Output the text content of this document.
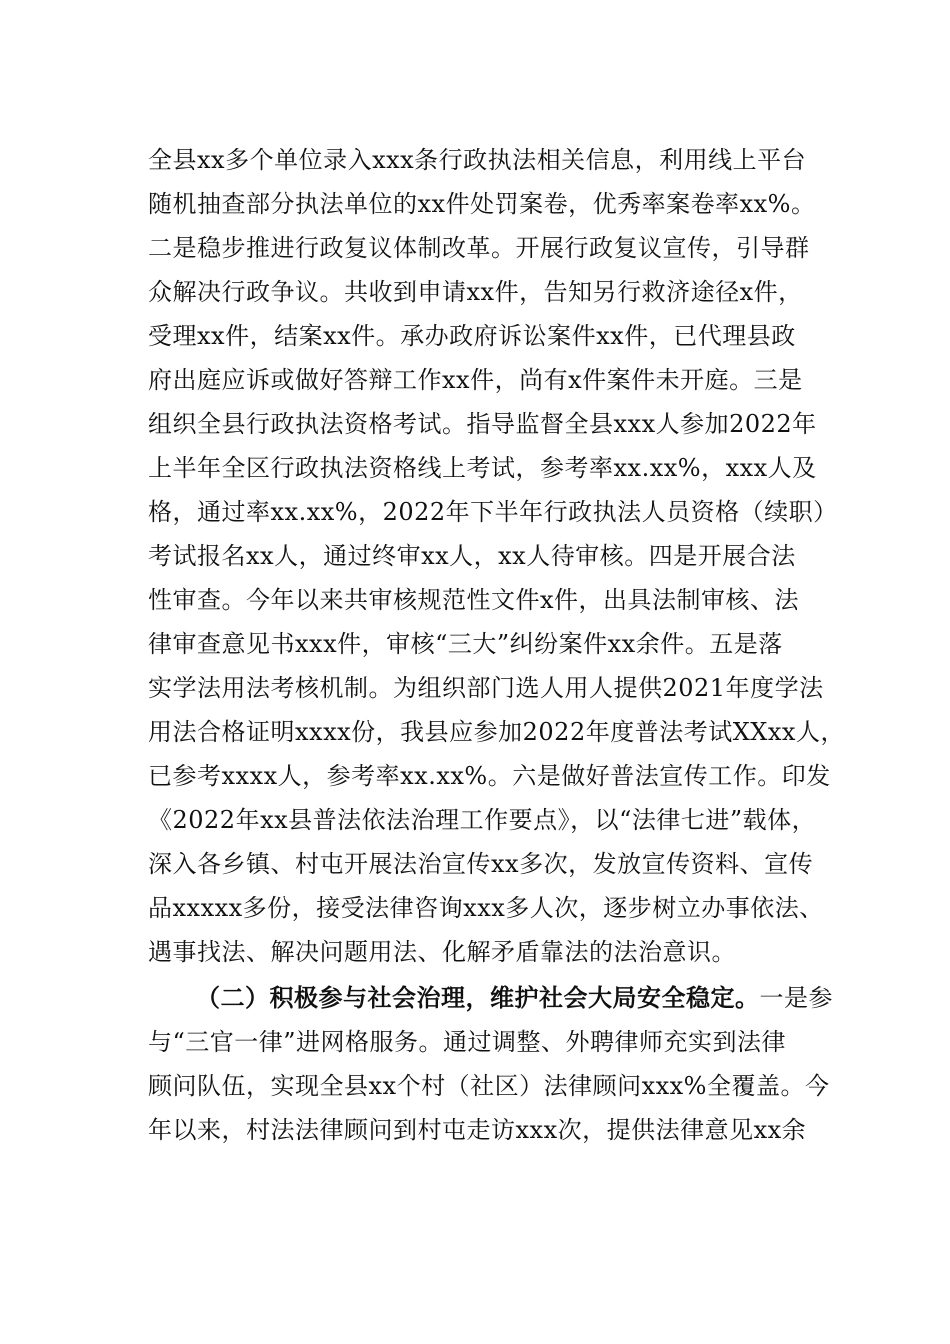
全县xx多个单位录入xxx条行政执法相关信息，利用线上平台
随机抽查部分执法单位的xx件处罚案卷，优秀率案卷率xx%。
二是稳步推进行政复议体制改革。开展行政复议宣传，引导群
众解决行政争议。共收到申请xx件，告知另行救济途径x件，
受理xx件，结案xx件。承办政府诉讼案件xx件，已代理县政
府出庭应诉或做好答辩工作xx件，尚有x件案件未开庭。三是
组织全县行政执法资格考试。指导监督全县xxx人参加2022年
上半年全区行政执法资格线上考试，参考率xx.xx%，xxx人及
格，通过率xx.xx%，2022年下半年行政执法人员资格（续职）
考试报名xx人，通过终审xx人，xx人待审核。四是开展合法
性审查。今年以来共审核规范性文件x件，出具法制审核、法
律审查意见书xxx件，审核“三大”纠纷案件xx余件。五是落
实学法用法考核机制。为组织部门选人用人提供2021年度学法
用法合格证明xxxx份，我县应参加2022年度普法考试XXxx人，
已参考xxxx人，参考率xx.xx%。六是做好普法宣传工作。印发
《2022年xx县普法依法治理工作要点》，以“法律七进”载体，
深入各乡镇、村屯开展法治宣传xx多次，发放宣传资料、宣传
品xxxxx多份，接受法律咨询xxx多人次，逐步树立办事依法、
遇事找法、解决问题用法、化解矛盾靠法的法治意识。
（二）积极参与社会治理，维护社会大局安全稳定。一是参
与“三官一律”进网格服务。通过调整、外聘律师充实到法律
顾问队伍，实现全县xx个村（社区）法律顾问xxx%全覆盖。今
年以来，村法法律顾问到村屯走访xxx次，提供法律意见xx余
